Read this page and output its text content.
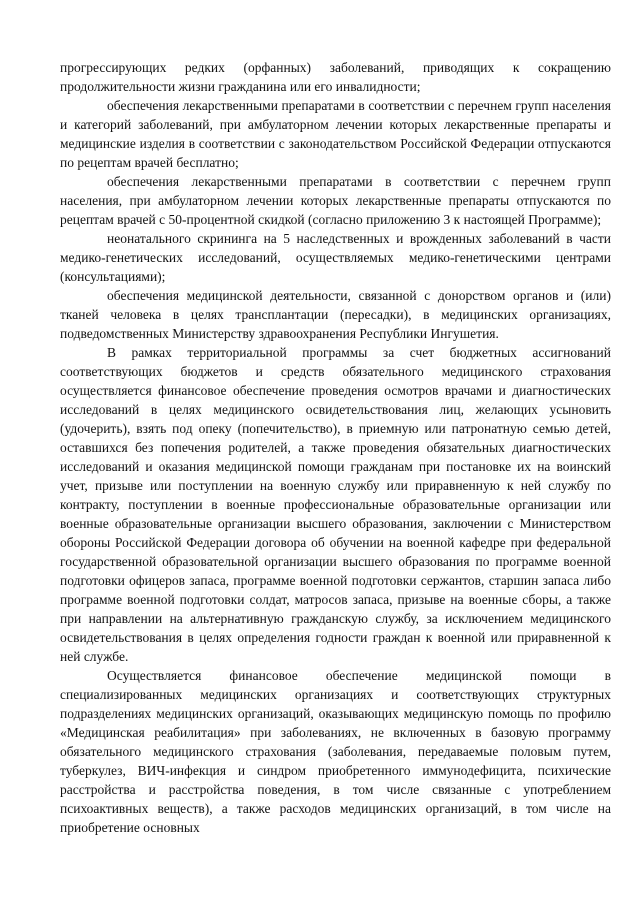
прогрессирующих редких (орфанных) заболеваний, приводящих к сокращению продолжительности жизни гражданина или его инвалидности;

обеспечения лекарственными препаратами в соответствии с перечнем групп населения и категорий заболеваний, при амбулаторном лечении которых лекарственные препараты и медицинские изделия в соответствии с законодательством Российской Федерации отпускаются по рецептам врачей бесплатно;

обеспечения лекарственными препаратами в соответствии с перечнем групп населения, при амбулаторном лечении которых лекарственные препараты отпускаются по рецептам врачей с 50-процентной скидкой (согласно приложению 3 к настоящей Программе);

неонатального скрининга на 5 наследственных и врожденных заболеваний в части медико-генетических исследований, осуществляемых медико-генетическими центрами (консультациями);

обеспечения медицинской деятельности, связанной с донорством органов и (или) тканей человека в целях трансплантации (пересадки), в медицинских организациях, подведомственных Министерству здравоохранения Республики Ингушетия.

В рамках территориальной программы за счет бюджетных ассигнований соответствующих бюджетов и средств обязательного медицинского страхования осуществляется финансовое обеспечение проведения осмотров врачами и диагностических исследований в целях медицинского освидетельствования лиц, желающих усыновить (удочерить), взять под опеку (попечительство), в приемную или патронатную семью детей, оставшихся без попечения родителей, а также проведения обязательных диагностических исследований и оказания медицинской помощи гражданам при постановке их на воинский учет, призыве или поступлении на военную службу или приравненную к ней службу по контракту, поступлении в военные профессиональные образовательные организации или военные образовательные организации высшего образования, заключении с Министерством обороны Российской Федерации договора об обучении на военной кафедре при федеральной государственной образовательной организации высшего образования по программе военной подготовки офицеров запаса, программе военной подготовки сержантов, старшин запаса либо программе военной подготовки солдат, матросов запаса, призыве на военные сборы, а также при направлении на альтернативную гражданскую службу, за исключением медицинского освидетельствования в целях определения годности граждан к военной или приравненной к ней службе.

Осуществляется финансовое обеспечение медицинской помощи в специализированных медицинских организациях и соответствующих структурных подразделениях медицинских организаций, оказывающих медицинскую помощь по профилю «Медицинская реабилитация» при заболеваниях, не включенных в базовую программу обязательного медицинского страхования (заболевания, передаваемые половым путем, туберкулез, ВИЧ-инфекция и синдром приобретенного иммунодефицита, психические расстройства и расстройства поведения, в том числе связанные с употреблением психоактивных веществ), а также расходов медицинских организаций, в том числе на приобретение основных
